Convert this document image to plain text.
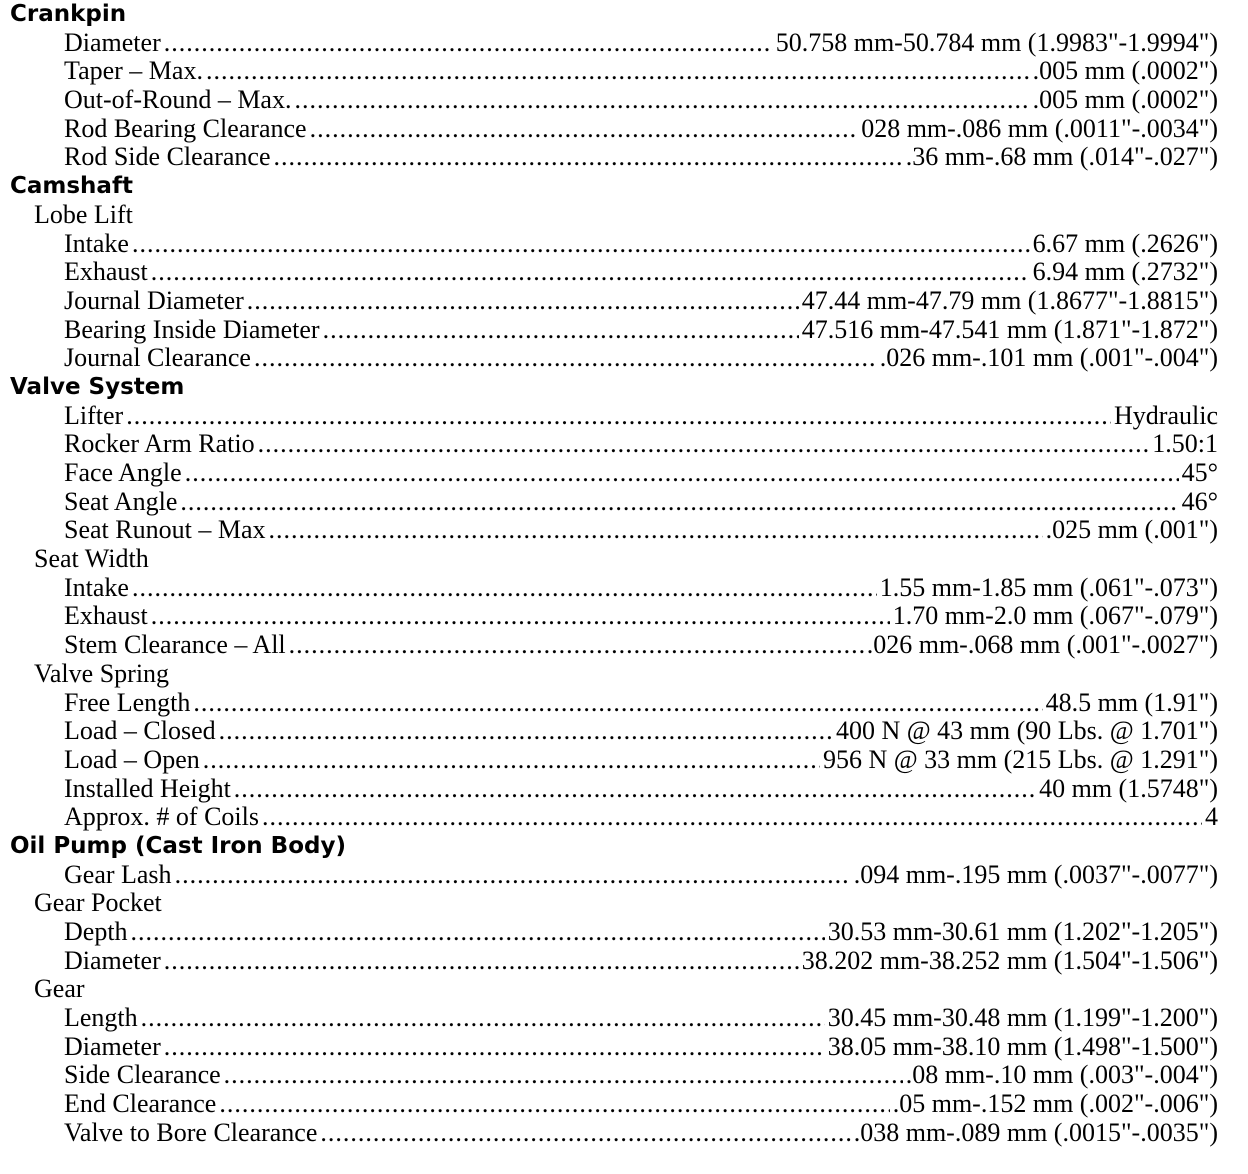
Crankpin
Diameter .....	50.758 mm-50.784 mm (1.9983"-1.9994")
Taper – Max. .....	.005 mm (.0002")
Out-of-Round – Max. .....	.005 mm (.0002")
Rod Bearing Clearance .....	028 mm-.086 mm (.0011"-.0034")
Rod Side Clearance .....	.36 mm-.68 mm (.014"-.027")
Camshaft
Lobe Lift
Intake .....	6.67 mm (.2626")
Exhaust .....	6.94 mm (.2732")
Journal Diameter .....	47.44 mm-47.79 mm (1.8677"-1.8815")
Bearing Inside Diameter .....	47.516 mm-47.541 mm (1.871"-1.872")
Journal Clearance .....	.026 mm-.101 mm (.001"-.004")
Valve System
Lifter .....	Hydraulic
Rocker Arm Ratio .....	1.50:1
Face Angle .....	45°
Seat Angle .....	46°
Seat Runout – Max .....	.025 mm (.001")
Seat Width
Intake .....	1.55 mm-1.85 mm (.061"-.073")
Exhaust .....	1.70 mm-2.0 mm (.067"-.079")
Stem Clearance – All .....	.026 mm-.068 mm (.001"-.0027")
Valve Spring
Free Length .....	48.5 mm (1.91")
Load – Closed .....	400 N @ 43 mm (90 Lbs. @ 1.701")
Load – Open .....	956 N @ 33 mm (215 Lbs. @ 1.291")
Installed Height .....	40 mm (1.5748")
Approx. # of Coils .....	4
Oil Pump (Cast Iron Body)
Gear Lash .....	.094 mm-.195 mm (.0037"-.0077")
Gear Pocket
Depth .....	30.53 mm-30.61 mm (1.202"-1.205")
Diameter .....	38.202 mm-38.252 mm (1.504"-1.506")
Gear
Length .....	30.45 mm-30.48 mm (1.199"-1.200")
Diameter .....	38.05 mm-38.10 mm (1.498"-1.500")
Side Clearance .....	.08 mm-.10 mm (.003"-.004")
End Clearance .....	.05 mm-.152 mm (.002"-.006")
Valve to Bore Clearance .....	.038 mm-.089 mm (.0015"-.0035")
